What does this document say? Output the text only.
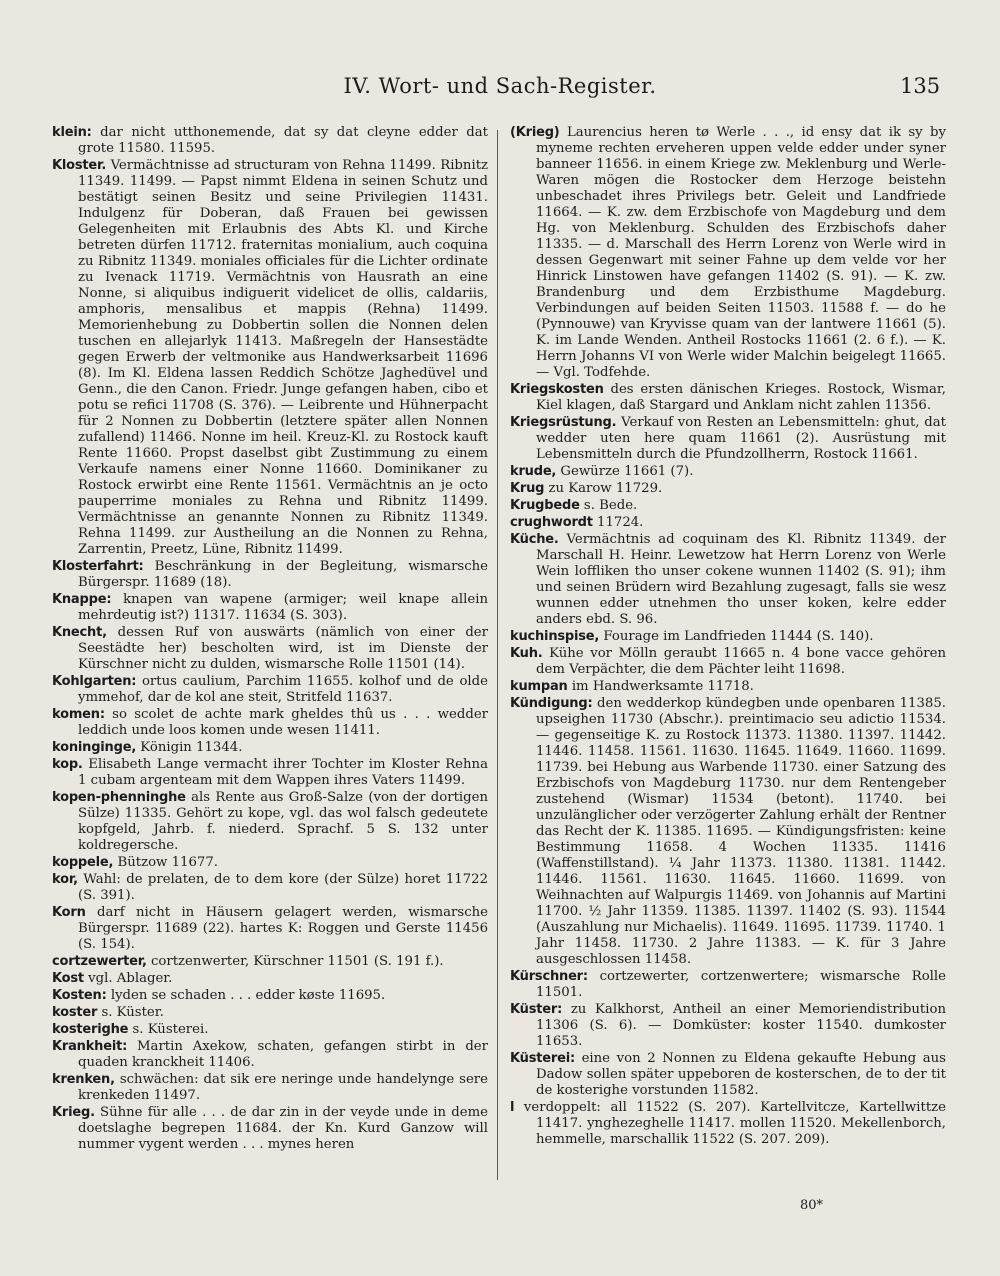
IV. Wort- und Sach-Register.	135

klein: dar nicht utthonemende, dat sy dat cleyne edder dat grote 11580. 11595.

Kloster. Vermächtnisse ad structuram von Rehna 11499. Ribnitz 11349. 11499. — Papst nimmt Eldena in seinen Schutz und bestätigt seinen Besitz und seine Privilegien 11431. Indulgenz für Doberan, daß Frauen bei gewissen Gelegenheiten mit Erlaubnis des Abts Kl. und Kirche betreten dürfen 11712. fraternitas monialium, auch coquina zu Ribnitz 11349. moniales officiales für die Lichter ordinate zu Ivenack 11719. Vermächtnis von Hausrath an eine Nonne, si aliquibus indiguerit videlicet de ollis, caldariis, amphoris, mensalibus et mappis (Rehna) 11499. Memorienhebung zu Dobbertin sollen die Nonnen delen tuschen en allejarlyk 11413. Maßregeln der Hansestädte gegen Erwerb der veltmonike aus Handwerksarbeit 11696 (8). Im Kl. Eldena lassen Reddich Schötze Jaghedüvel und Genn., die den Canon. Friedr. Junge gefangen haben, cibo et potu se refici 11708 (S. 376). — Leibrente und Hühnerpacht für 2 Nonnen zu Dobbertin (letztere später allen Nonnen zufallend) 11466. Nonne im heil. Kreuz-Kl. zu Rostock kauft Rente 11660. Propst daselbst gibt Zustimmung zu einem Verkaufe namens einer Nonne 11660. Dominikaner zu Rostock erwirbt eine Rente 11561. Vermächtnis an je octo pauperrime moniales zu Rehna und Ribnitz 11499. Vermächtnisse an genannte Nonnen zu Ribnitz 11349. Rehna 11499. zur Austheilung an die Nonnen zu Rehna, Zarrentin, Preetz, Lüne, Ribnitz 11499.

Klosterfahrt: Beschränkung in der Begleitung, wismarsche Bürgerspr. 11689 (18).

Knappe: knapen van wapene (armiger; weil knape allein mehrdeutig ist?) 11317. 11634 (S. 303).

Knecht, dessen Ruf von auswärts (nämlich von einer der Seestädte her) bescholten wird, ist im Dienste der Kürschner nicht zu dulden, wismarsche Rolle 11501 (14).

Kohlgarten: ortus caulium, Parchim 11655. kolhof und de olde ymmehof, dar de kol ane steit, Stritfeld 11637.

komen: so scolet de achte mark gheldes thû us . . . wedder leddich unde loos komen unde wesen 11411.

koninginge, Königin 11344.

kop. Elisabeth Lange vermacht ihrer Tochter im Kloster Rehna 1 cubam argenteam mit dem Wappen ihres Vaters 11499.

kopen-phenninghe als Rente aus Groß-Salze (von der dortigen Sülze) 11335. Gehört zu kope, vgl. das wol falsch gedeutete kopfgeld, Jahrb. f. niederd. Sprachf. 5 S. 132 unter koldregersche.

koppele, Bützow 11677.

kor, Wahl: de prelaten, de to dem kore (der Sülze) horet 11722 (S. 391).

Korn darf nicht in Häusern gelagert werden, wismarsche Bürgerspr. 11689 (22). hartes K: Roggen und Gerste 11456 (S. 154).

cortzewerter, cortzenwerter, Kürschner 11501 (S. 191 f.).

Kost vgl. Ablager.

Kosten: lyden se schaden . . . edder køste 11695.

koster s. Küster.

kosterighe s. Küsterei.

Krankheit: Martin Axekow, schaten, gefangen stirbt in der quaden kranckheit 11406.

krenken, schwächen: dat sik ere neringe unde handelynge sere krenkeden 11497.

Krieg. Sühne für alle . . . de dar zin in der veyde unde in deme doetslaghe begrepen 11684. der Kn. Kurd Ganzow will nummer vygent werden . . . mynes heren

(Krieg) Laurencius heren tø Werle . . ., id ensy dat ik sy by myneme rechten erveheren uppen velde edder under syner banneer 11656. in einem Kriege zw. Meklenburg und Werle-Waren mögen die Rostocker dem Herzoge beistehn unbeschadet ihres Privilegs betr. Geleit und Landfriede 11664. — K. zw. dem Erzbischofe von Magdeburg und dem Hg. von Meklenburg. Schulden des Erzbischofs daher 11335. — d. Marschall des Herrn Lorenz von Werle wird in dessen Gegenwart mit seiner Fahne up dem velde vor her Hinrick Linstowen have gefangen 11402 (S. 91). — K. zw. Brandenburg und dem Erzbisthume Magdeburg. Verbindungen auf beiden Seiten 11503. 11588 f. — do he (Pynnouwe) van Kryvisse quam van der lantwere 11661 (5). K. im Lande Wenden. Antheil Rostocks 11661 (2. 6 f.). — K. Herrn Johanns VI von Werle wider Malchin beigelegt 11665. — Vgl. Todfehde.

Kriegskosten des ersten dänischen Krieges. Rostock, Wismar, Kiel klagen, daß Stargard und Anklam nicht zahlen 11356.

Kriegsrüstung. Verkauf von Resten an Lebensmitteln: ghut, dat wedder uten here quam 11661 (2). Ausrüstung mit Lebensmitteln durch die Pfundzollherrn, Rostock 11661.

krude, Gewürze 11661 (7).

Krug zu Karow 11729.

Krugbede s. Bede.

crughwordt 11724.

Küche. Vermächtnis ad coquinam des Kl. Ribnitz 11349. der Marschall H. Heinr. Lewetzow hat Herrn Lorenz von Werle Wein loffliken tho unser cokene wunnen 11402 (S. 91); ihm und seinen Brüdern wird Bezahlung zugesagt, falls sie wesz wunnen edder utnehmen tho unser koken, kelre edder anders ebd. S. 96.

kuchinspise, Fourage im Landfrieden 11444 (S. 140).

Kuh. Kühe vor Mölln geraubt 11665 n. 4 bone vacce gehören dem Verpächter, die dem Pächter leiht 11698.

kumpan im Handwerksamte 11718.

Kündigung: den wedderkop kündegben unde openbaren 11385. upseighen 11730 (Abschr.). preintimacio seu adictio 11534. — gegenseitige K. zu Rostock 11373. 11380. 11397. 11442. 11446. 11458. 11561. 11630. 11645. 11649. 11660. 11699. 11739. bei Hebung aus Warbende 11730. einer Satzung des Erzbischofs von Magdeburg 11730. nur dem Rentengeber zustehend (Wismar) 11534 (betont). 11740. bei unzulänglicher oder verzögerter Zahlung erhält der Rentner das Recht der K. 11385. 11695. — Kündigungsfristen: keine Bestimmung 11658. 4 Wochen 11335. 11416 (Waffenstillstand). ¼ Jahr 11373. 11380. 11381. 11442. 11446. 11561. 11630. 11645. 11660. 11699. von Weihnachten auf Walpurgis 11469. von Johannis auf Martini 11700. ½ Jahr 11359. 11385. 11397. 11402 (S. 93). 11544 (Auszahlung nur Michaelis). 11649. 11695. 11739. 11740. 1 Jahr 11458. 11730. 2 Jahre 11383. — K. für 3 Jahre ausgeschlossen 11458.

Kürschner: cortzewerter, cortzenwertere; wismarsche Rolle 11501.

Küster: zu Kalkhorst, Antheil an einer Memoriendistribution 11306 (S. 6). — Domküster: koster 11540. dumkoster 11653.

Küsterei: eine von 2 Nonnen zu Eldena gekaufte Hebung aus Dadow sollen später uppeboren de kosterschen, de to der tit de kosterighe vorstunden 11582.

l verdoppelt: all 11522 (S. 207). Kartellvitcze, Kartellwittze 11417. ynghezeghelle 11417. mollen 11520. Mekellenborch, hemmelle, marschallik 11522 (S. 207. 209).

80*
